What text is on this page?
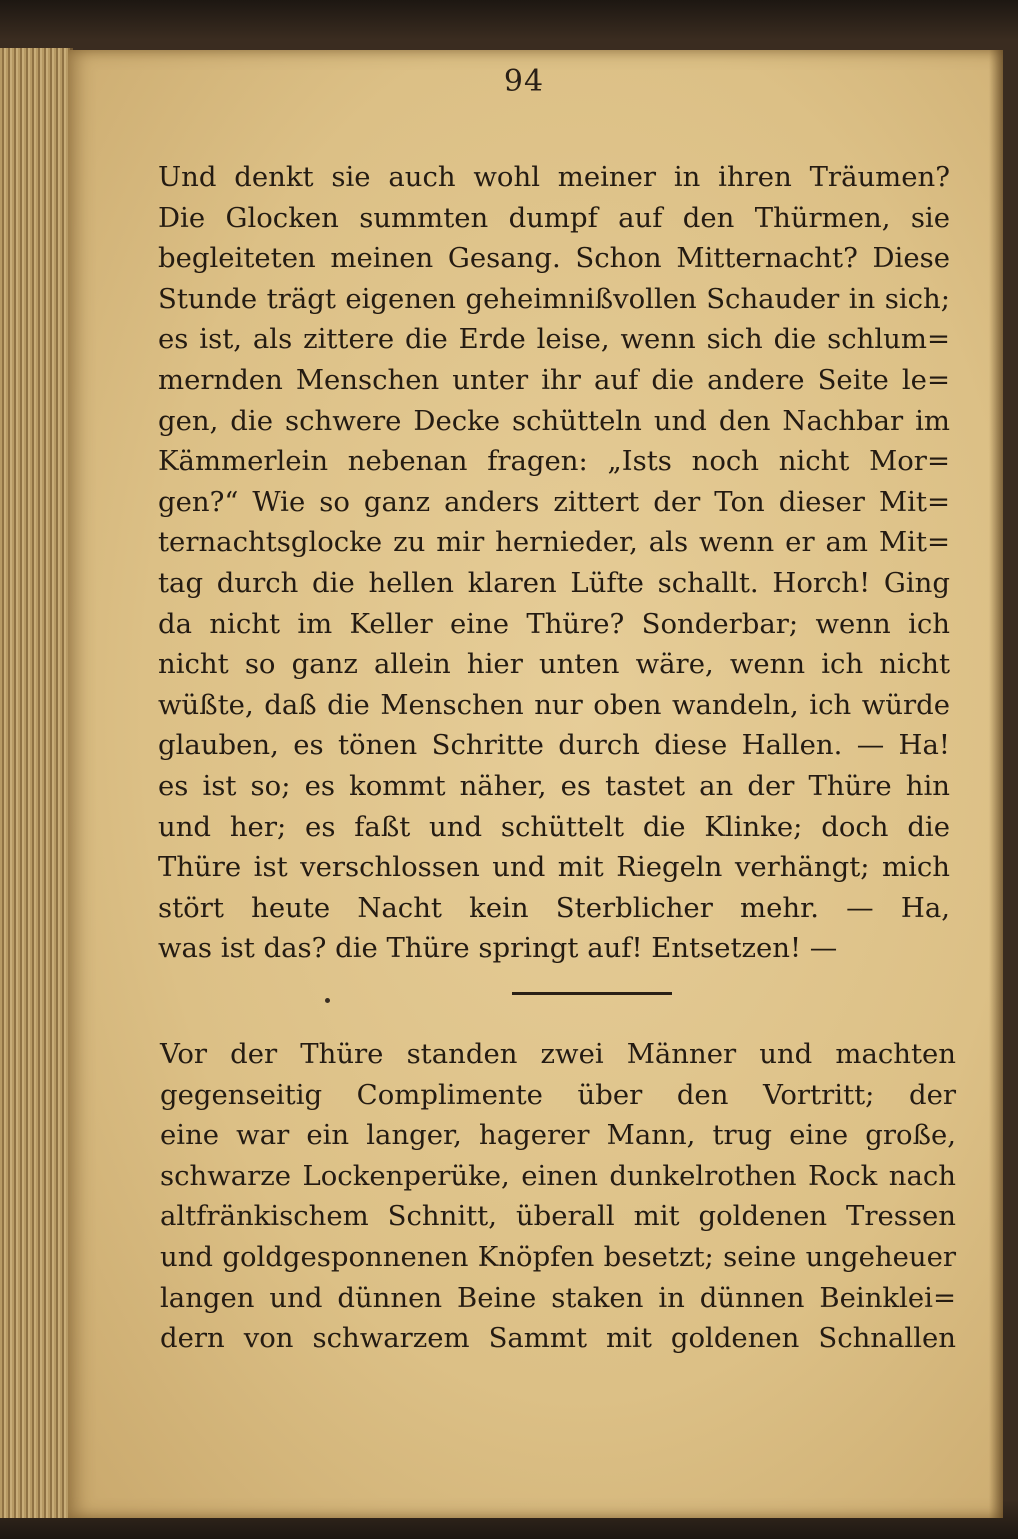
94
Und denkt sie auch wohl meiner in ihren Träumen?
Die Glocken summten dumpf auf den Thürmen, sie
begleiteten meinen Gesang. Schon Mitternacht? Diese
Stunde trägt eigenen geheimnißvollen Schauder in sich;
es ist, als zittere die Erde leise, wenn sich die schlum=
mernden Menschen unter ihr auf die andere Seite le=
gen, die schwere Decke schütteln und den Nachbar im
Kämmerlein nebenan fragen: „Ists noch nicht Mor=
gen?“ Wie so ganz anders zittert der Ton dieser Mit=
ternachtsglocke zu mir hernieder, als wenn er am Mit=
tag durch die hellen klaren Lüfte schallt. Horch! Ging
da nicht im Keller eine Thüre? Sonderbar; wenn ich
nicht so ganz allein hier unten wäre, wenn ich nicht
wüßte, daß die Menschen nur oben wandeln, ich würde
glauben, es tönen Schritte durch diese Hallen. — Ha!
es ist so; es kommt näher, es tastet an der Thüre hin
und her; es faßt und schüttelt die Klinke; doch die
Thüre ist verschlossen und mit Riegeln verhängt; mich
stört heute Nacht kein Sterblicher mehr. — Ha,
was ist das? die Thüre springt auf! Entsetzen! —
Vor der Thüre standen zwei Männer und machten
gegenseitig Complimente über den Vortritt; der
eine war ein langer, hagerer Mann, trug eine große,
schwarze Lockenperüke, einen dunkelrothen Rock nach
altfränkischem Schnitt, überall mit goldenen Tressen
und goldgesponnenen Knöpfen besetzt; seine ungeheuer
langen und dünnen Beine staken in dünnen Beinklei=
dern von schwarzem Sammt mit goldenen Schnallen
